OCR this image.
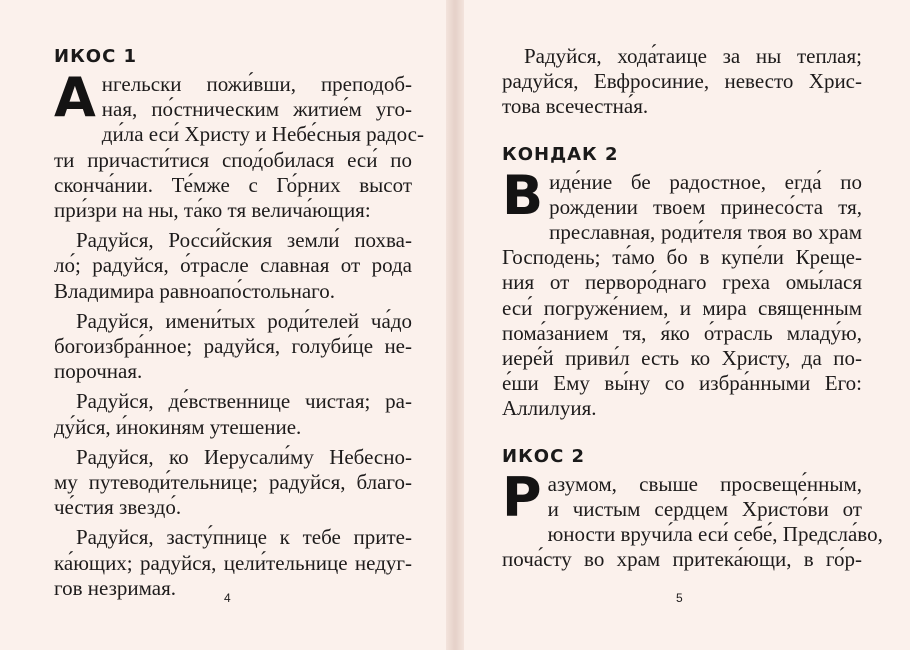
ИКОС 1
А нгельски пожи́вши, преподоб-
ная, по́стническим житие́м уго-
ди́ла еси́ Христу и Небе́сныя радос-
ти причасти́тися спод́обилася еси́ по
сконча́нии. Те́мже с Го́рних высот
при́зри на ны, та́ко тя велича́ющия:
Радуйся, Росси́йския земли́ похва-
ло́; радуйся, о́трасле славная от рода
Владимира равноапо́стольнаго.
Радуйся, имени́тых роди́телей ча́до
богоизбра́нное; радуйся, голуби́це не-
порочная.
Радуйся, де́вственнице чистая; ра-
ду́йся, и́нокиням утешение.
Радуйся, ко Иерусали́му Небесно-
му путеводи́тельнице; радуйся, благо-
че́стия звездо́.
Радуйся, засту́пнице к тебе прите-
ка́ющих; радуйся, цели́тельнице недуг-
гов незримая.	4
Радуйся, хода́таице за ны теплая;
радуйся, Евфросиние, невесто Хрис-
това всечестна́я.
КОНДАК 2
В иде́ние бе радостное, егда́ по
рождении твоем принесо́ста тя,
преславная, роди́теля твоя во храм
Господень; та́мо бо в купе́ли Креще-
ния от перворо́днаго греха омы́лася
еси́ погруже́нием, и мира священным
пома́занием тя, я́ко о́трасль младу́ю,
иере́й приви́л есть ко Христу, да по-
е́ши Ему вы́ну со избра́нными Его:
Аллилуия.
ИКОС 2
Р азумом, свыше просвеще́нным,
и чистым сердцем Христо́ви от
юности вручи́ла еси́ себе́, Предсла́во,
поча́сту во храм притека́ющи, в го́р-
5
